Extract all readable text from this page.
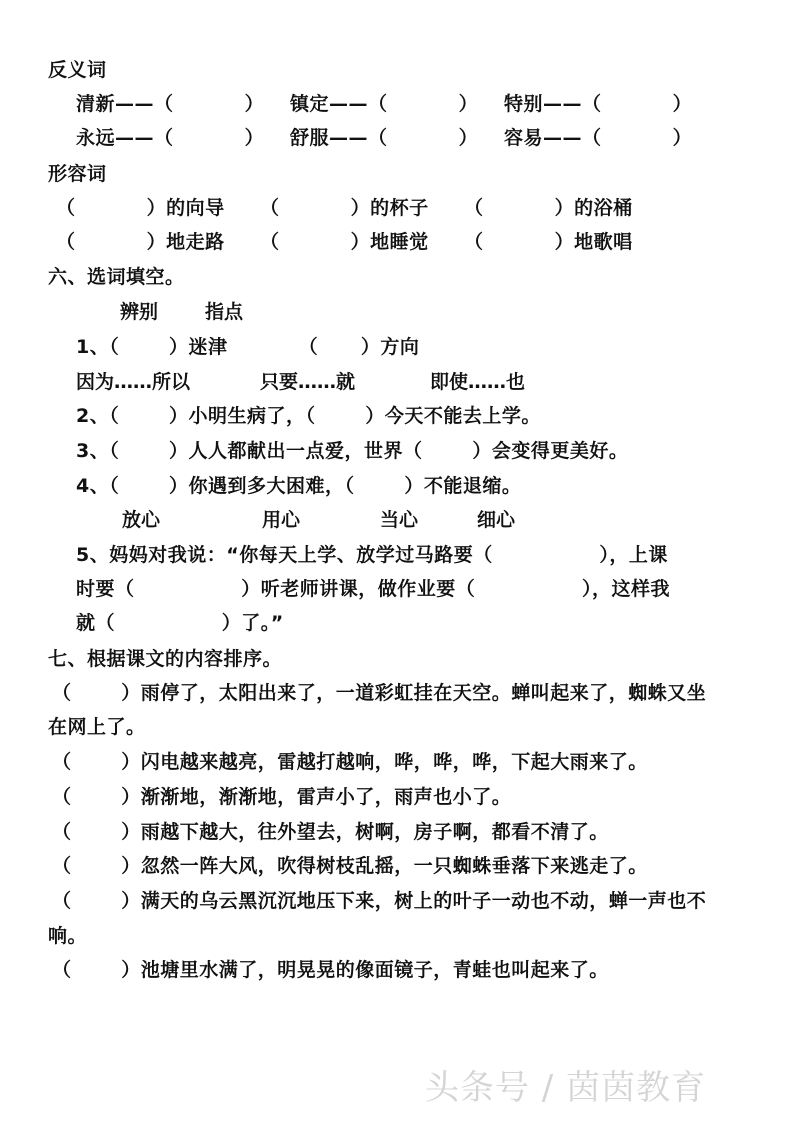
反义词
清新——（          ） 镇定——（          ） 特别——（          ）
永远——（          ） 舒服——（          ） 容易——（          ）
形容词
（          ）的向导 （          ）的杯子 （          ）的浴桶
（          ）地走路 （          ）地睡觉 （          ）地歌唱
六、选词填空。
辨别 指点
1、（       ）迷津          （      ）方向
因为……所以	只要……就	即使……也
2、（       ）小明生病了，（       ）今天不能去上学。
3、（       ）人人都献出一点爱，世界（       ）会变得更美好。
4、（       ）你遇到多大困难，（       ）不能退缩。
放心	用心	当心	细心
5、妈妈对我说：“你每天上学、放学过马路要（               ），上课
时要（               ）听老师讲课，做作业要（               ），这样我
就（               ）了。”
七、根据课文的内容排序。
（       ）雨停了，太阳出来了，一道彩虹挂在天空。蝉叫起来了，蜘蛛又坐
在网上了。
（       ）闪电越来越亮，雷越打越响，哗，哗，哗，下起大雨来了。
（       ）渐渐地，渐渐地，雷声小了，雨声也小了。
（       ）雨越下越大，往外望去，树啊，房子啊，都看不清了。
（       ）忽然一阵大风，吹得树枝乱摇，一只蜘蛛垂落下来逃走了。
（       ）满天的乌云黑沉沉地压下来，树上的叶子一动也不动，蝉一声也不
响。
（       ）池塘里水满了，明晃晃的像面镜子，青蛙也叫起来了。
头条号 / 茵茵教育
